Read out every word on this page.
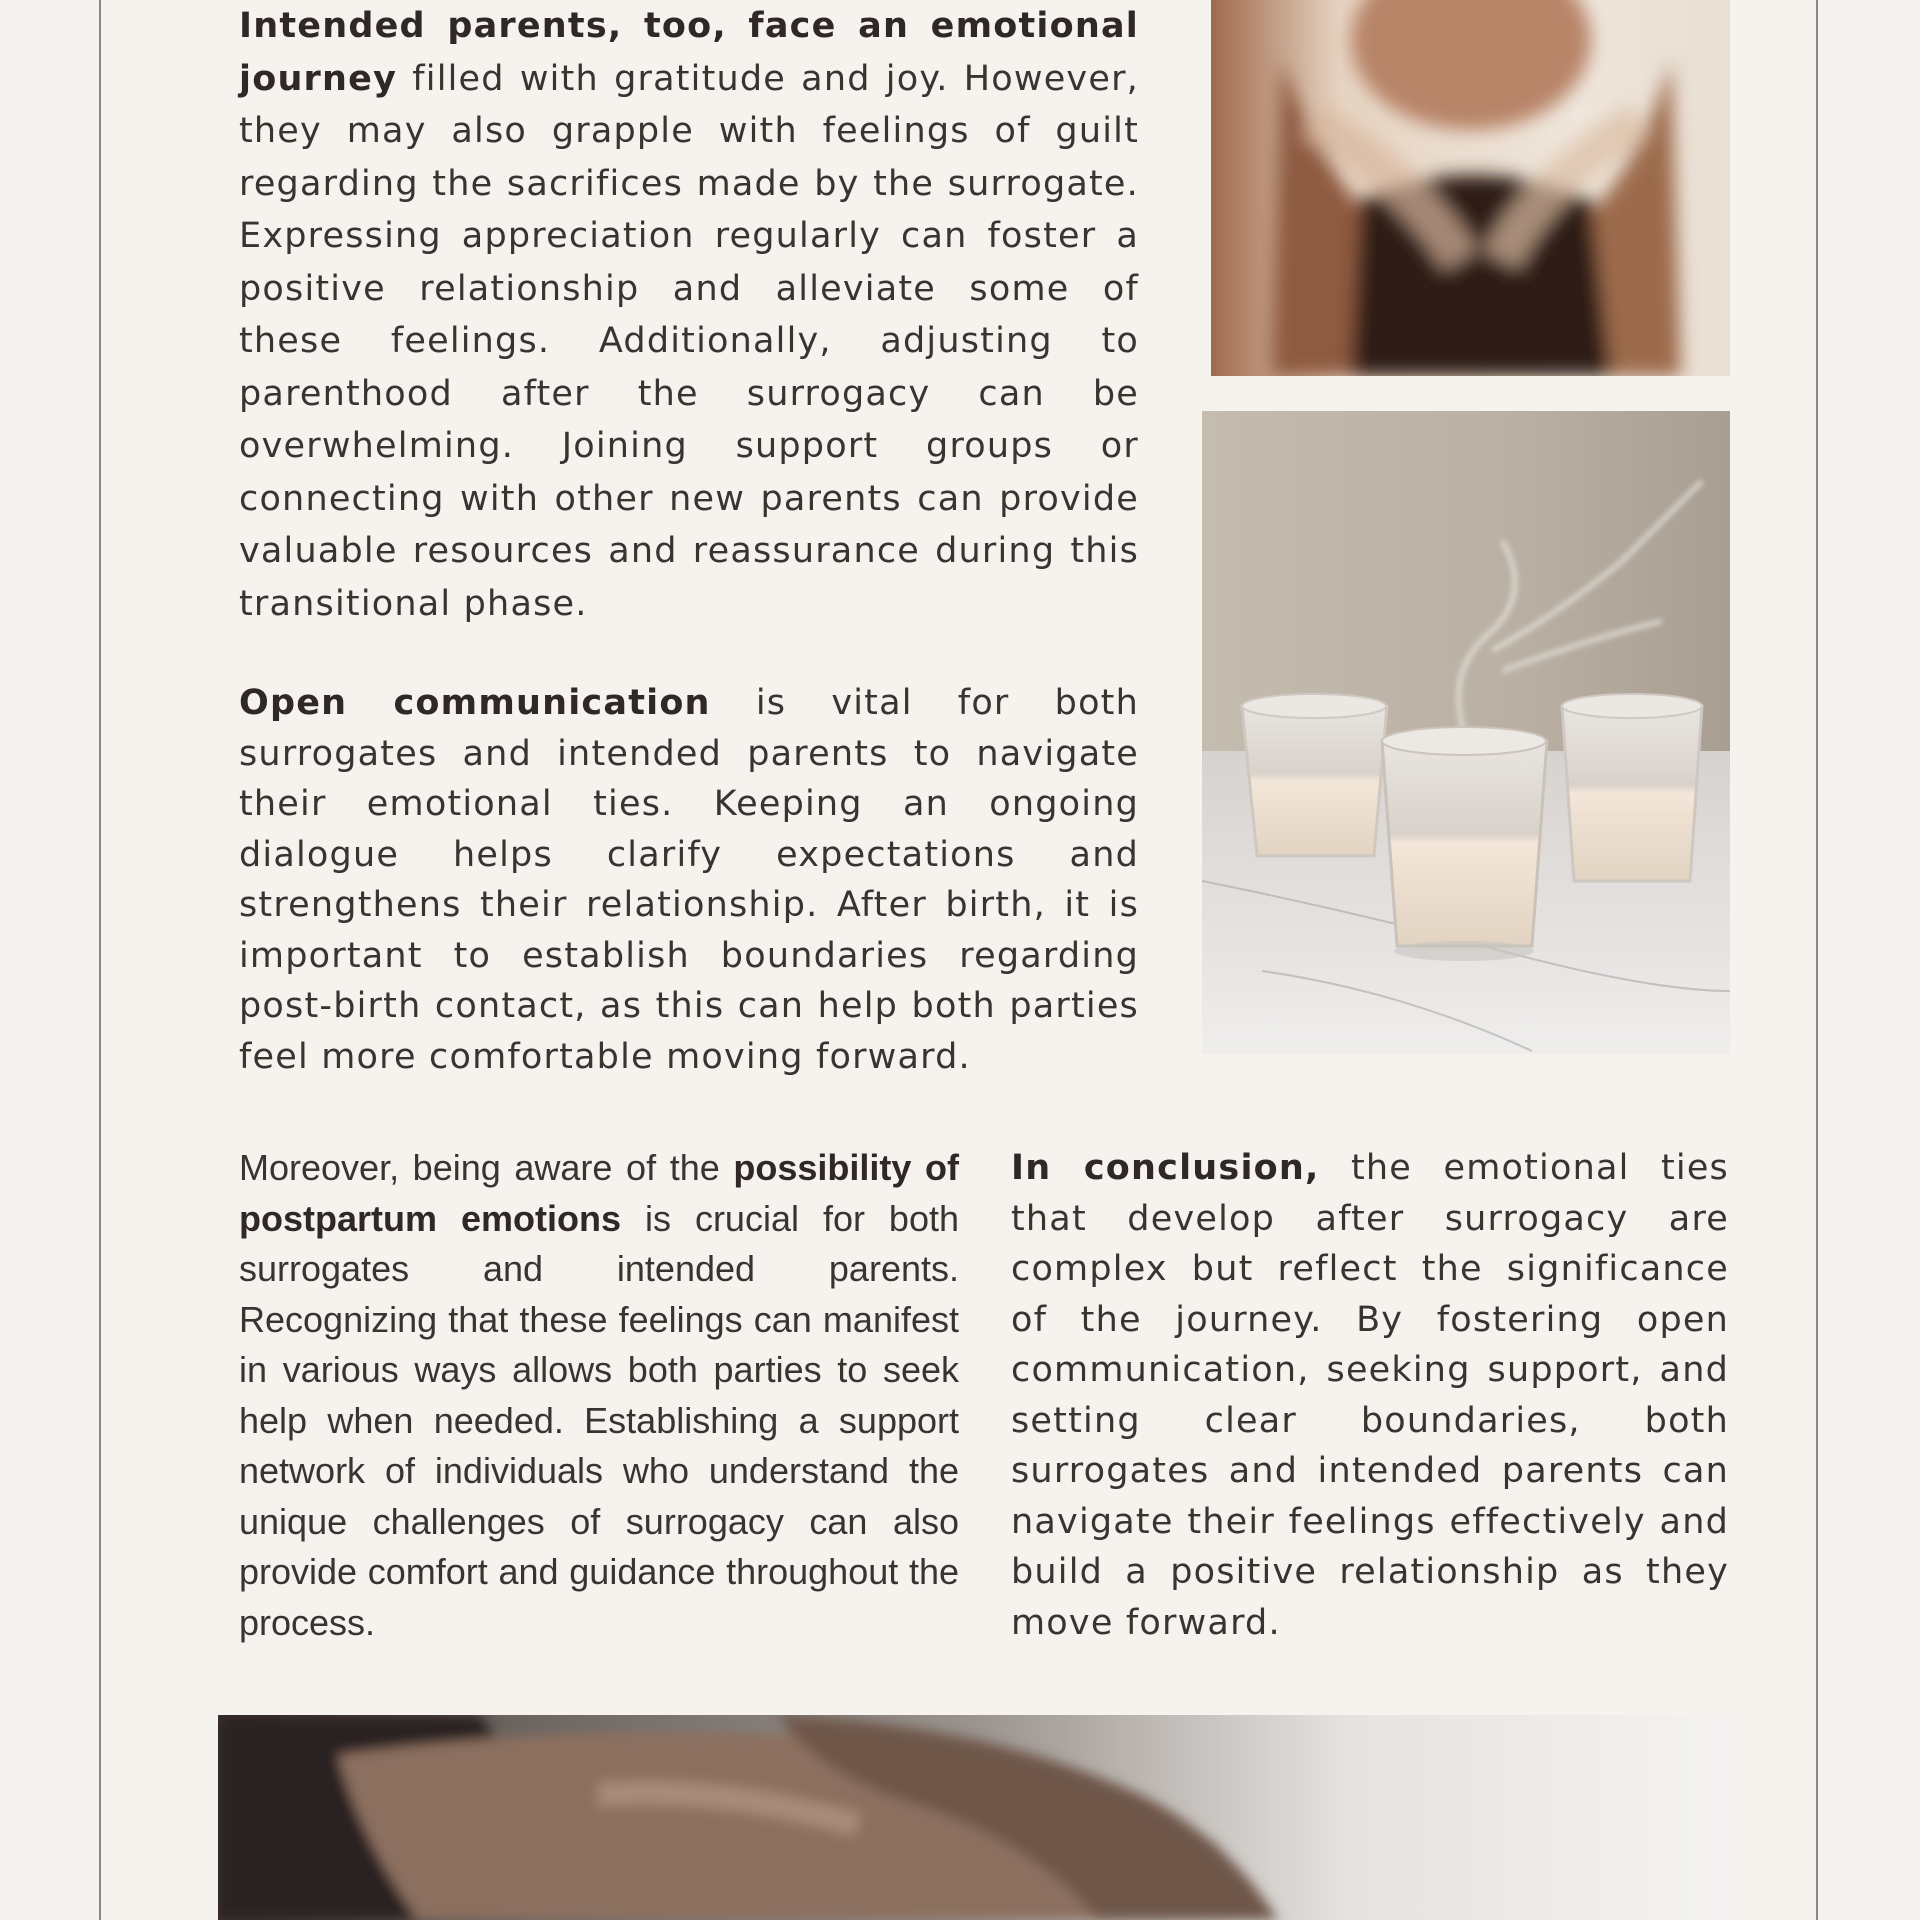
Intended parents, too, face an emotional journey filled with gratitude and joy. However, they may also grapple with feelings of guilt regarding the sacrifices made by the surrogate. Expressing appreciation regularly can foster a positive relationship and alleviate some of these feelings. Additionally, adjusting to parenthood after the surrogacy can be overwhelming. Joining support groups or connecting with other new parents can provide valuable resources and reassurance during this transitional phase.

Open communication is vital for both surrogates and intended parents to navigate their emotional ties. Keeping an ongoing dialogue helps clarify expectations and strengthens their relationship. After birth, it is important to establish boundaries regarding post-birth contact, as this can help both parties feel more comfortable moving forward.

Moreover, being aware of the possibility of postpartum emotions is crucial for both surrogates and intended parents. Recognizing that these feelings can manifest in various ways allows both parties to seek help when needed. Establishing a support network of individuals who understand the unique challenges of surrogacy can also provide comfort and guidance throughout the process.

In conclusion, the emotional ties that develop after surrogacy are complex but reflect the significance of the journey. By fostering open communication, seeking support, and setting clear boundaries, both surrogates and intended parents can navigate their feelings effectively and build a positive relationship as they move forward.
